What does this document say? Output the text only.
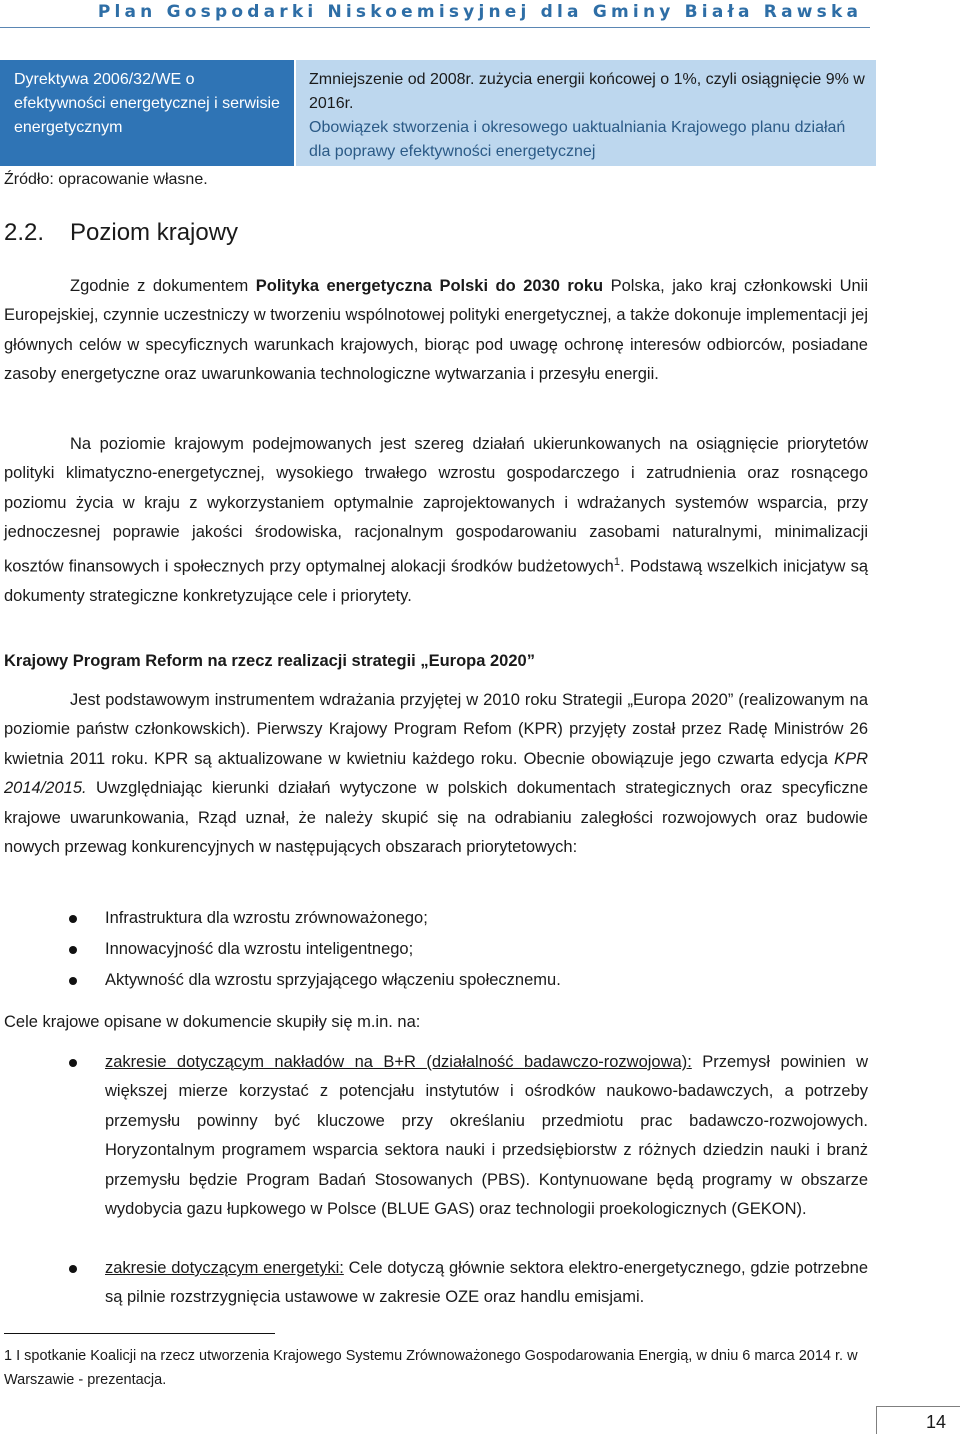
Plan Gospodarki Niskoemisyjnej dla Gminy Biała Rawska
Dyrektywa 2006/32/WE o efektywności energetycznej i serwisie energetycznym
Zmniejszenie od 2008r. zużycia energii końcowej o 1%, czyli osiągnięcie 9% w 2016r.
Obowiązek stworzenia i okresowego uaktualniania Krajowego planu działań dla poprawy efektywności energetycznej
Źródło: opracowanie własne.
2.2. Poziom krajowy
Zgodnie z dokumentem Polityka energetyczna Polski do 2030 roku Polska, jako kraj członkowski Unii Europejskiej, czynnie uczestniczy w tworzeniu wspólnotowej polityki energetycznej, a także dokonuje implementacji jej głównych celów w specyficznych warunkach krajowych, biorąc pod uwagę ochronę interesów odbiorców, posiadane zasoby energetyczne oraz uwarunkowania technologiczne wytwarzania i przesyłu energii.
Na poziomie krajowym podejmowanych jest szereg działań ukierunkowanych na osiągnięcie priorytetów polityki klimatyczno-energetycznej, wysokiego trwałego wzrostu gospodarczego i zatrudnienia oraz rosnącego poziomu życia w kraju z wykorzystaniem optymalnie zaprojektowanych i wdrażanych systemów wsparcia, przy jednoczesnej poprawie jakości środowiska, racjonalnym gospodarowaniu zasobami naturalnymi, minimalizacji kosztów finansowych i społecznych przy optymalnej alokacji środków budżetowych$^1$. Podstawą wszelkich inicjatyw są dokumenty strategiczne konkretyzujące cele i priorytety.
Krajowy Program Reform na rzecz realizacji strategii „Europa 2020”
Jest podstawowym instrumentem wdrażania przyjętej w 2010 roku Strategii „Europa 2020” (realizowanym na poziomie państw członkowskich). Pierwszy Krajowy Program Refom (KPR) przyjęty został przez Radę Ministrów 26 kwietnia 2011 roku. KPR są aktualizowane w kwietniu każdego roku. Obecnie obowiązuje jego czwarta edycja KPR 2014/2015. Uwzględniając kierunki działań wytyczone w polskich dokumentach strategicznych oraz specyficzne krajowe uwarunkowania, Rząd uznał, że należy skupić się na odrabianiu zaległości rozwojowych oraz budowie nowych przewag konkurencyjnych w następujących obszarach priorytetowych:
Infrastruktura dla wzrostu zrównoważonego;
Innowacyjność dla wzrostu inteligentnego;
Aktywność dla wzrostu sprzyjającego włączeniu społecznemu.
Cele krajowe opisane w dokumencie skupiły się m.in. na:
zakresie dotyczącym nakładów na B+R (działalność badawczo-rozwojowa): Przemysł powinien w większej mierze korzystać z potencjału instytutów i ośrodków naukowo-badawczych, a potrzeby przemysłu powinny być kluczowe przy określaniu przedmiotu prac badawczo-rozwojowych. Horyzontalnym programem wsparcia sektora nauki i przedsiębiorstw z różnych dziedzin nauki i branż przemysłu będzie Program Badań Stosowanych (PBS). Kontynuowane będą programy w obszarze wydobycia gazu łupkowego w Polsce (BLUE GAS) oraz technologii proekologicznych (GEKON).
zakresie dotyczącym energetyki: Cele dotyczą głównie sektora elektro-energetycznego, gdzie potrzebne są pilnie rozstrzygnięcia ustawowe w zakresie OZE oraz handlu emisjami.
1 I spotkanie Koalicji na rzecz utworzenia Krajowego Systemu Zrównoważonego Gospodarowania Energią, w dniu 6 marca 2014 r. w Warszawie - prezentacja.
14
